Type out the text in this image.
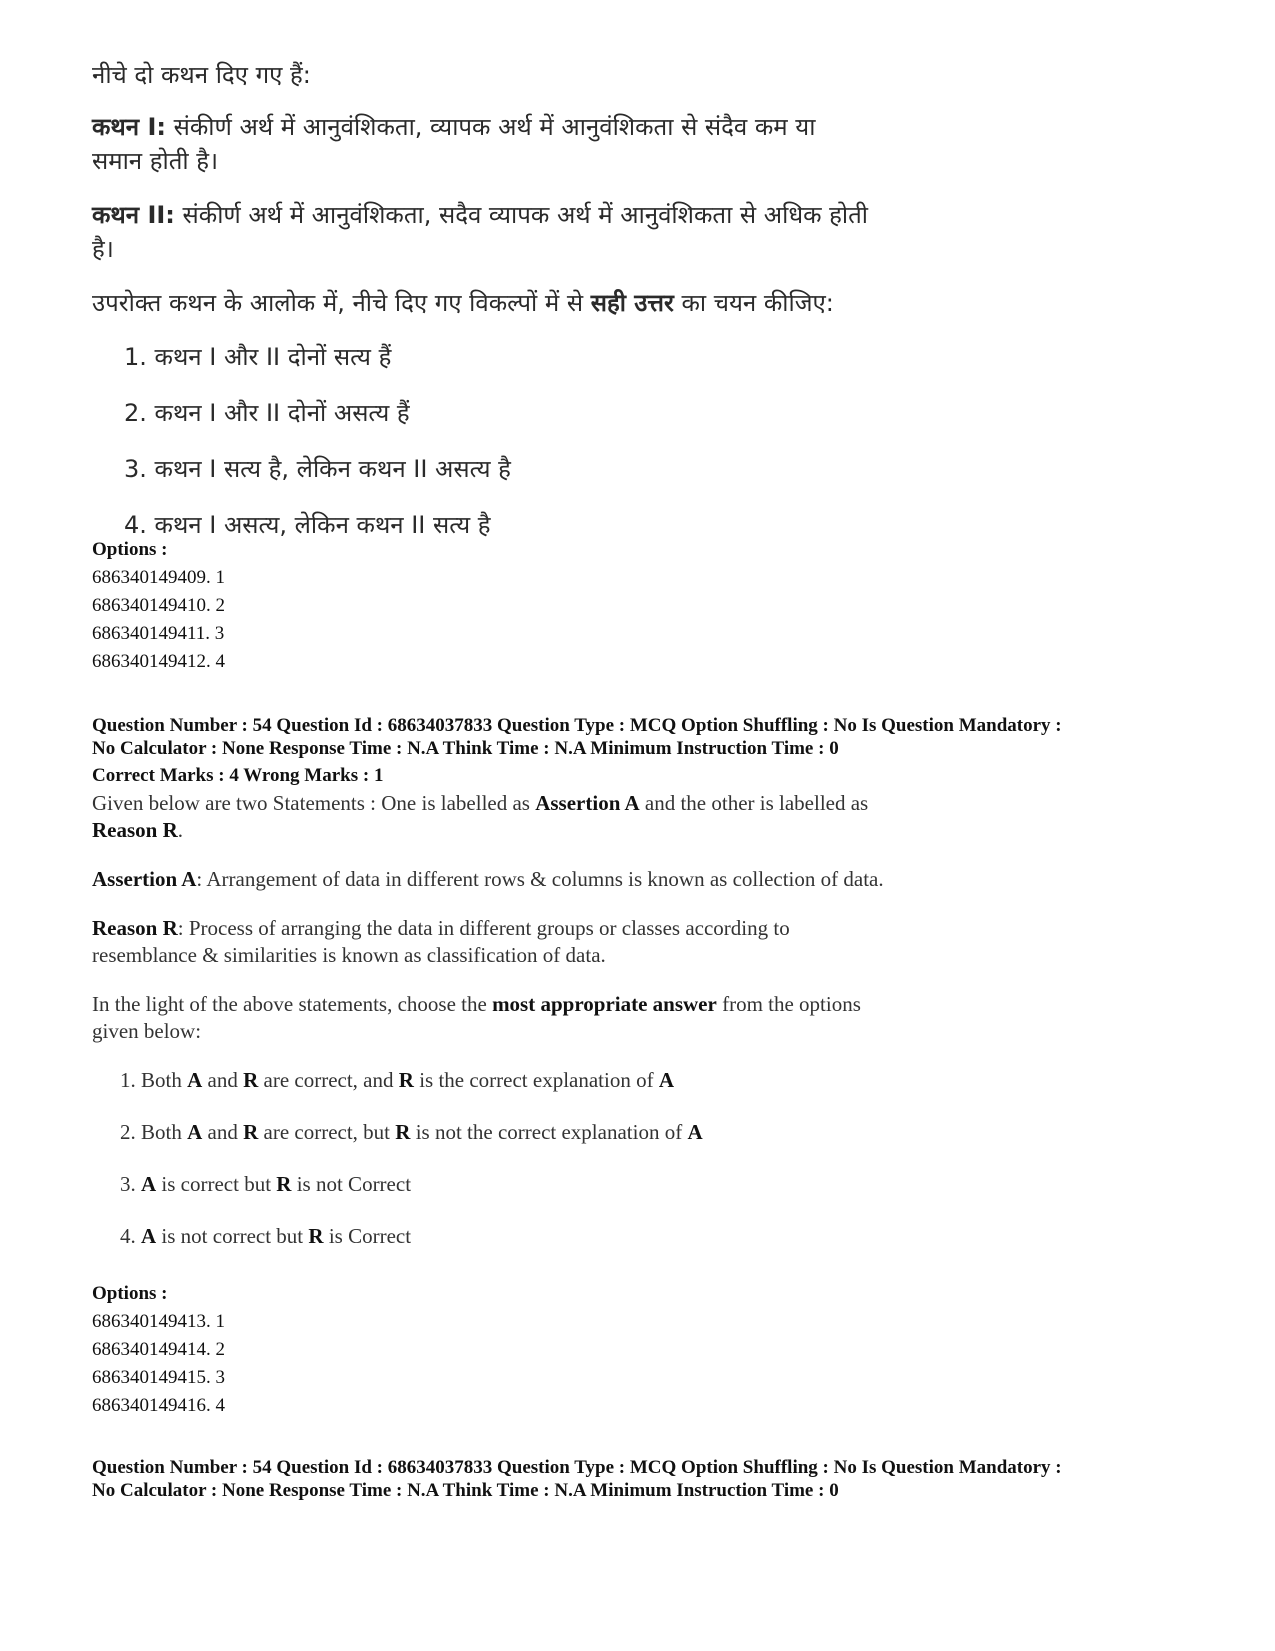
नीचे दो कथन दिए गए हैं:

कथन I: संकीर्ण अर्थ में आनुवंशिकता, व्यापक अर्थ में आनुवंशिकता से संदैव कम या समान होती है।

कथन II: संकीर्ण अर्थ में आनुवंशिकता, सदैव व्यापक अर्थ में आनुवंशिकता से अधिक होती है।

उपरोक्त कथन के आलोक में, नीचे दिए गए विकल्पों में से सही उत्तर का चयन कीजिए:

1. कथन I और II दोनों सत्य हैं
2. कथन I और II दोनों असत्य हैं
3. कथन I सत्य है, लेकिन कथन II असत्य है
4. कथन I असत्य, लेकिन कथन II सत्य है
Options :
686340149409. 1
686340149410. 2
686340149411. 3
686340149412. 4
Question Number : 54 Question Id : 68634037833 Question Type : MCQ Option Shuffling : No Is Question Mandatory :
No Calculator : None Response Time : N.A Think Time : N.A Minimum Instruction Time : 0
Correct Marks : 4 Wrong Marks : 1

Given below are two Statements : One is labelled as Assertion A and the other is labelled as Reason R.

Assertion A: Arrangement of data in different rows & columns is known as collection of data.

Reason R: Process of arranging the data in different groups or classes according to resemblance & similarities is known as classification of data.

In the light of the above statements, choose the most appropriate answer from the options given below:

1. Both A and R are correct, and R is the correct explanation of A
2. Both A and R are correct, but R is not the correct explanation of A
3. A is correct but R is not Correct
4. A is not correct but R is Correct
Options :
686340149413. 1
686340149414. 2
686340149415. 3
686340149416. 4
Question Number : 54 Question Id : 68634037833 Question Type : MCQ Option Shuffling : No Is Question Mandatory :
No Calculator : None Response Time : N.A Think Time : N.A Minimum Instruction Time : 0
